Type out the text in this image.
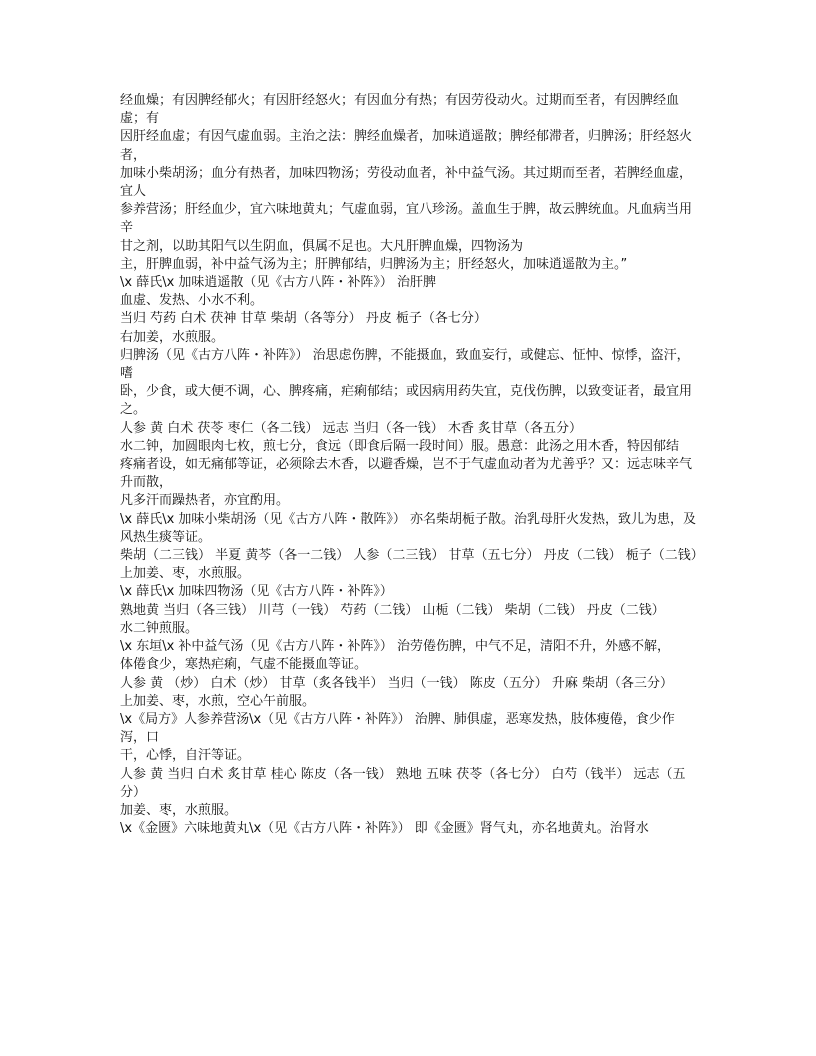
经血燥；有因脾经郁火；有因肝经怒火；有因血分有热；有因劳役动火。过期而至者，有因脾经血虚；有

因肝经血虚；有因气虚血弱。主治之法：脾经血燥者，加味逍遥散；脾经郁滞者，归脾汤；肝经怒火者，

加味小柴胡汤；血分有热者，加味四物汤；劳役动血者，补中益气汤。其过期而至者，若脾经血虚，宜人

参养营汤；肝经血少，宜六味地黄丸；气虚血弱，宜八珍汤。盖血生于脾，故云脾统血。凡血病当用辛

甘之剂，以助其阳气以生阴血，俱属不足也。大凡肝脾血燥，四物汤为

主，肝脾血弱，补中益气汤为主；肝脾郁结，归脾汤为主；肝经怒火，加味逍遥散为主。”

\x 薛氏\x 加味逍遥散（见《古方八阵・补阵》） 治肝脾

血虚、发热、小水不利。

当归 芍药 白术 茯神 甘草 柴胡（各等分） 丹皮 栀子（各七分）

右加姜，水煎服。

归脾汤（见《古方八阵・补阵》） 治思虑伤脾，不能摄血，致血妄行，或健忘、怔忡、惊悸，盗汗，嗜

卧，少食，或大便不调，心、脾疼痛，疟痢郁结；或因病用药失宜，克伐伤脾，以致变证者，最宜用之。

人参 黄 白术 茯苓 枣仁（各二钱） 远志 当归（各一钱） 木香 炙甘草（各五分）

水二钟，加圆眼肉七枚，煎七分，食远（即食后隔一段时间）服。愚意：此汤之用木香，特因郁结

疼痛者设，如无痛郁等证，必须除去木香，以避香燥，岂不于气虚血动者为尤善乎？又：远志味辛气升而散，

凡多汗而躁热者，亦宜酌用。

\x 薛氏\x 加味小柴胡汤（见《古方八阵・散阵》） 亦名柴胡栀子散。治乳母肝火发热，致儿为患，及

风热生痰等证。

柴胡（二三钱） 半夏 黄芩（各一二钱） 人参（二三钱） 甘草（五七分） 丹皮（二钱） 栀子（二钱）

上加姜、枣，水煎服。

\x 薛氏\x 加味四物汤（见《古方八阵・补阵》）

熟地黄 当归（各三钱） 川芎（一钱） 芍药（二钱） 山栀（二钱） 柴胡（二钱） 丹皮（二钱）

水二钟煎服。

\x 东垣\x 补中益气汤（见《古方八阵・补阵》） 治劳倦伤脾，中气不足，清阳不升，外感不解，

体倦食少，寒热疟痢，气虚不能摄血等证。

人参 黄 （炒） 白术（炒） 甘草（炙各钱半） 当归（一钱） 陈皮（五分） 升麻 柴胡（各三分）

上加姜、枣，水煎，空心午前服。

\x《局方》人参养营汤\x（见《古方八阵・补阵》） 治脾、肺俱虚，恶寒发热，肢体瘦倦，食少作泻，口

干，心悸，自汗等证。

人参 黄 当归 白术 炙甘草 桂心 陈皮（各一钱） 熟地 五味 茯苓（各七分） 白芍（钱半） 远志（五分）

加姜、枣，水煎服。

\x《金匮》六味地黄丸\x（见《古方八阵・补阵》） 即《金匮》肾气丸，亦名地黄丸。治肾水
